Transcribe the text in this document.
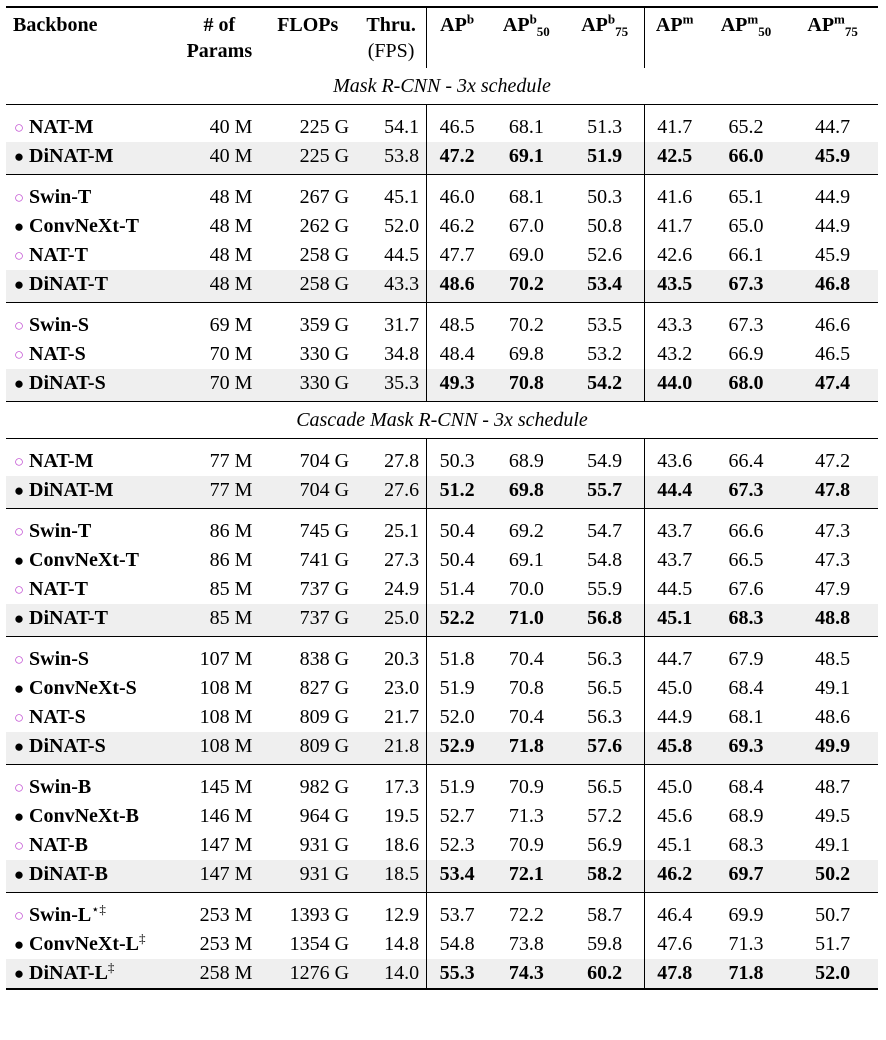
Backbone	# of	FLOPs	Thru.	$AP^b$	$AP^b_{50}$	$AP^b_{75}$	$AP^m$	$AP^m_{50}$	$AP^m_{75}$
	Params		(FPS)						
Mask R-CNN - 3x schedule									
○ NAT-M	40 M	225 G	54.1	46.5	68.1	51.3	41.7	65.2	44.7
● DiNAT-M	40 M	225 G	53.8	47.2	69.1	51.9	42.5	66.0	45.9
○ Swin-T	48 M	267 G	45.1	46.0	68.1	50.3	41.6	65.1	44.9
● ConvNeXt-T	48 M	262 G	52.0	46.2	67.0	50.8	41.7	65.0	44.9
○ NAT-T	48 M	258 G	44.5	47.7	69.0	52.6	42.6	66.1	45.9
● DiNAT-T	48 M	258 G	43.3	48.6	70.2	53.4	43.5	67.3	46.8
○ Swin-S	69 M	359 G	31.7	48.5	70.2	53.5	43.3	67.3	46.6
○ NAT-S	70 M	330 G	34.8	48.4	69.8	53.2	43.2	66.9	46.5
● DiNAT-S	70 M	330 G	35.3	49.3	70.8	54.2	44.0	68.0	47.4
Cascade Mask R-CNN - 3x schedule									
○ NAT-M	77 M	704 G	27.8	50.3	68.9	54.9	43.6	66.4	47.2
● DiNAT-M	77 M	704 G	27.6	51.2	69.8	55.7	44.4	67.3	47.8
○ Swin-T	86 M	745 G	25.1	50.4	69.2	54.7	43.7	66.6	47.3
● ConvNeXt-T	86 M	741 G	27.3	50.4	69.1	54.8	43.7	66.5	47.3
○ NAT-T	85 M	737 G	24.9	51.4	70.0	55.9	44.5	67.6	47.9
● DiNAT-T	85 M	737 G	25.0	52.2	71.0	56.8	45.1	68.3	48.8
○ Swin-S	107 M	838 G	20.3	51.8	70.4	56.3	44.7	67.9	48.5
● ConvNeXt-S	108 M	827 G	23.0	51.9	70.8	56.5	45.0	68.4	49.1
○ NAT-S	108 M	809 G	21.7	52.0	70.4	56.3	44.9	68.1	48.6
● DiNAT-S	108 M	809 G	21.8	52.9	71.8	57.6	45.8	69.3	49.9
○ Swin-B	145 M	982 G	17.3	51.9	70.9	56.5	45.0	68.4	48.7
● ConvNeXt-B	146 M	964 G	19.5	52.7	71.3	57.2	45.6	68.9	49.5
○ NAT-B	147 M	931 G	18.6	52.3	70.9	56.9	45.1	68.3	49.1
● DiNAT-B	147 M	931 G	18.5	53.4	72.1	58.2	46.2	69.7	50.2
○ Swin-L⋆‡	253 M	1393 G	12.9	53.7	72.2	58.7	46.4	69.9	50.7
● ConvNeXt-L‡	253 M	1354 G	14.8	54.8	73.8	59.8	47.6	71.3	51.7
● DiNAT-L‡	258 M	1276 G	14.0	55.3	74.3	60.2	47.8	71.8	52.0
